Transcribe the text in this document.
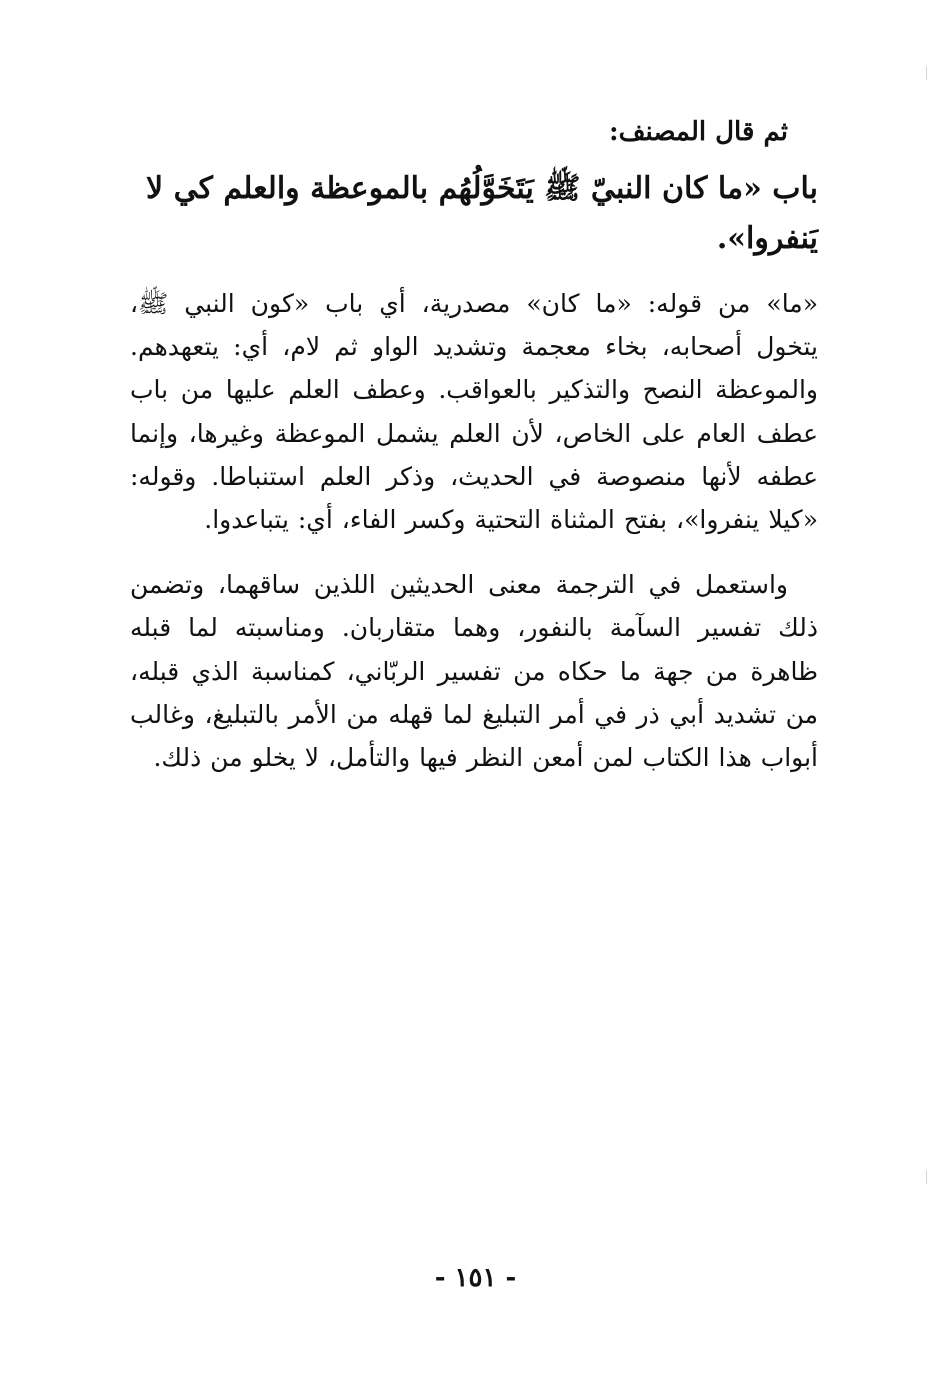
ثم قال المصنف:
باب «ما كان النبيّ ﷺ يَتَخَوَّلُهُم بالموعظة والعلم كي لا يَنفروا».

«ما» من قوله: «ما كان» مصدرية، أي باب «كون النبي ﷺ، يتخول أصحابه، بخاء معجمة وتشديد الواو ثم لام، أي: يتعهدهم. والموعظة النصح والتذكير بالعواقب. وعطف العلم عليها من باب عطف العام على الخاص، لأن العلم يشمل الموعظة وغيرها، وإنما عطفه لأنها منصوصة في الحديث، وذكر العلم استنباطا. وقوله: «كيلا ينفروا»، بفتح المثناة التحتية وكسر الفاء، أي: يتباعدوا.

واستعمل في الترجمة معنى الحديثين اللذين ساقهما، وتضمن ذلك تفسير السآمة بالنفور، وهما متقاربان. ومناسبته لما قبله ظاهرة من جهة ما حكاه من تفسير الربّاني، كمناسبة الذي قبله، من تشديد أبي ذر في أمر التبليغ لما قهله من الأمر بالتبليغ، وغالب أبواب هذا الكتاب لمن أمعن النظر فيها والتأمل، لا يخلو من ذلك.

- ١٥١ -
